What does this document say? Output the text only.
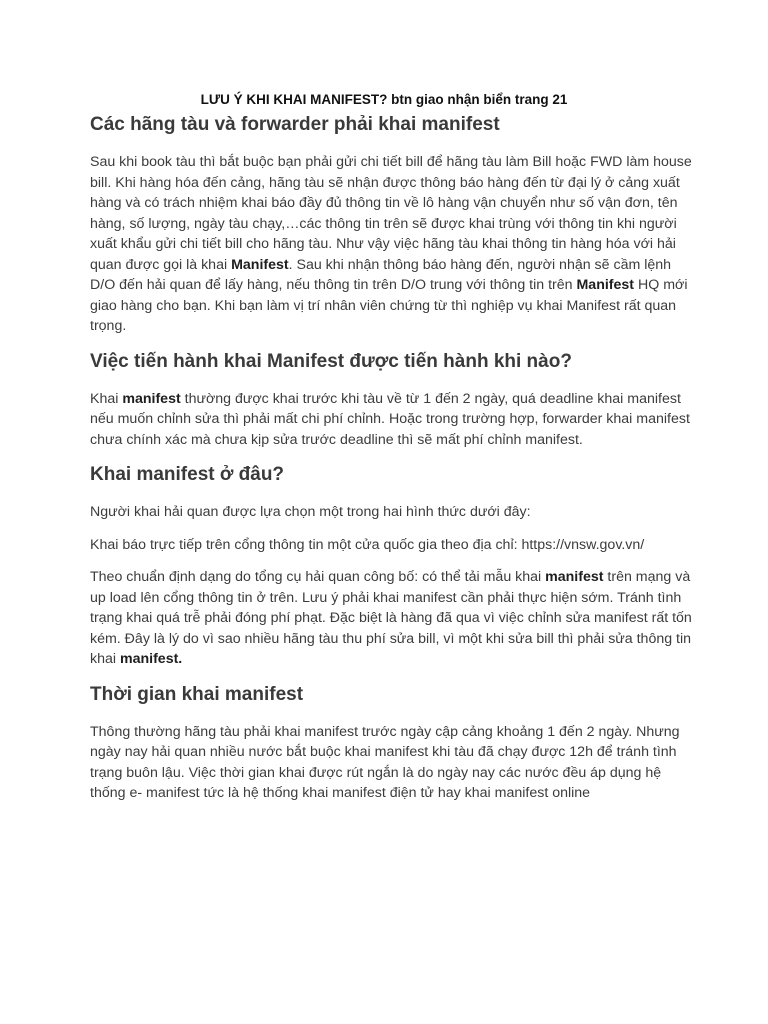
LƯU Ý KHI KHAI MANIFEST? btn giao nhận biển trang 21
Các hãng tàu và forwarder phải khai manifest

Sau khi book tàu thì bắt buộc bạn phải gửi chi tiết bill để hãng tàu làm Bill hoặc FWD làm house bill. Khi hàng hóa đến cảng, hãng tàu sẽ nhận được thông báo hàng đến từ đại lý ở cảng xuất hàng và có trách nhiệm khai báo đầy đủ thông tin về lô hàng vận chuyển như số vận đơn, tên hàng, số lượng, ngày tàu chạy,…các thông tin trên sẽ được khai trùng với thông tin khi người xuất khẩu gửi chi tiết bill cho hãng tàu. Như vậy việc hãng tàu khai thông tin hàng hóa với hải quan được gọi là khai Manifest. Sau khi nhận thông báo hàng đến, người nhận sẽ cầm lệnh D/O đến hải quan để lấy hàng, nếu thông tin trên D/O trung với thông tin trên Manifest HQ mới giao hàng cho bạn. Khi bạn làm vị trí nhân viên chứng từ thì nghiệp vụ khai Manifest rất quan trọng.

Việc tiến hành khai Manifest được tiến hành khi nào?

Khai manifest thường được khai trước khi tàu về từ 1 đến 2 ngày, quá deadline khai manifest nếu muốn chỉnh sửa thì phải mất chi phí chỉnh. Hoặc trong trường hợp, forwarder khai manifest chưa chính xác mà chưa kịp sửa trước deadline thì sẽ mất phí chỉnh manifest.

Khai manifest ở đâu?

Người khai hải quan được lựa chọn một trong hai hình thức dưới đây:

Khai báo trực tiếp trên cổng thông tin một cửa quốc gia theo địa chỉ: https://vnsw.gov.vn/

Theo chuẩn định dạng do tổng cụ hải quan công bố: có thể tải mẫu khai manifest trên mạng và up load lên cổng thông tin ở trên. Lưu ý phải khai manifest cần phải thực hiện sớm. Tránh tình trạng khai quá trễ phải đóng phí phạt. Đặc biệt là hàng đã qua vì việc chỉnh sửa manifest rất tốn kém. Đây là lý do vì sao nhiều hãng tàu thu phí sửa bill, vì một khi sửa bill thì phải sửa thông tin khai manifest.

Thời gian khai manifest

Thông thường hãng tàu phải khai manifest trước ngày cập cảng khoảng 1 đến 2 ngày. Nhưng ngày nay hải quan nhiều nước bắt buộc khai manifest khi tàu đã chạy được 12h để tránh tình trạng buôn lậu. Việc thời gian khai được rút ngắn là do ngày nay các nước đều áp dụng hệ thống e- manifest tức là hệ thống khai manifest điện tử hay khai manifest online
